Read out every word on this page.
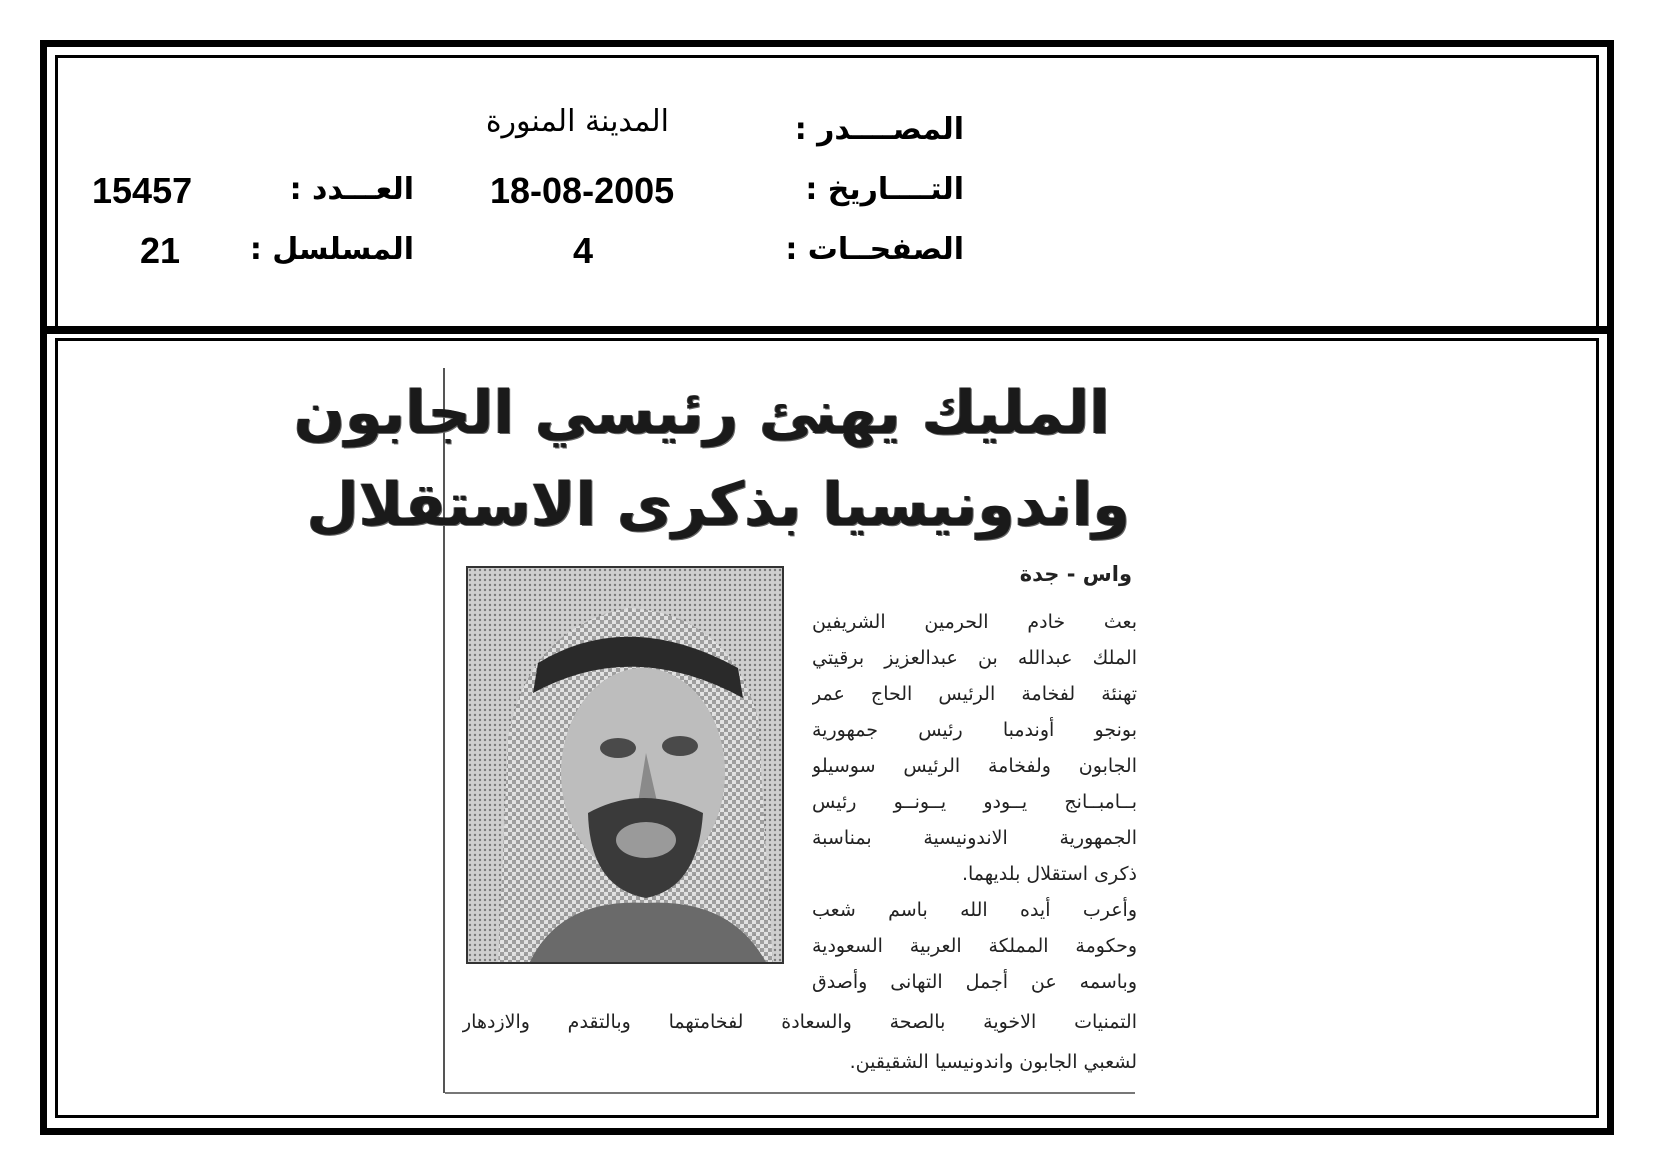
المصــــدر :
المدينة المنورة
التــــاريخ :
18-08-2005
العـــدد :
15457
الصفحــات :
4
المسلسل :
21
المليك يهنئ رئيسي الجابون
واندونيسيا بذكرى الاستقلال
واس - جدة
بعث خادم الحرمين الشريفين
الملك عبدالله بن عبدالعزيز برقيتي
تهنئة لفخامة الرئيس الحاج عمر
بونجو أوندمبا رئيس جمهورية
الجابون ولفخامة الرئيس سوسيلو
بــامبــانج يــودو يــونــو رئيس
الجمهورية الاندونيسية بمناسبة
ذكرى استقلال بلديهما.
وأعرب أيده الله باسم شعب
وحكومة المملكة العربية السعودية
وباسمه عن أجمل التهانى وأصدق
التمنيات الاخوية بالصحة والسعادة لفخامتهما وبالتقدم والازدهار
لشعبي الجابون واندونيسيا الشقيقين.
